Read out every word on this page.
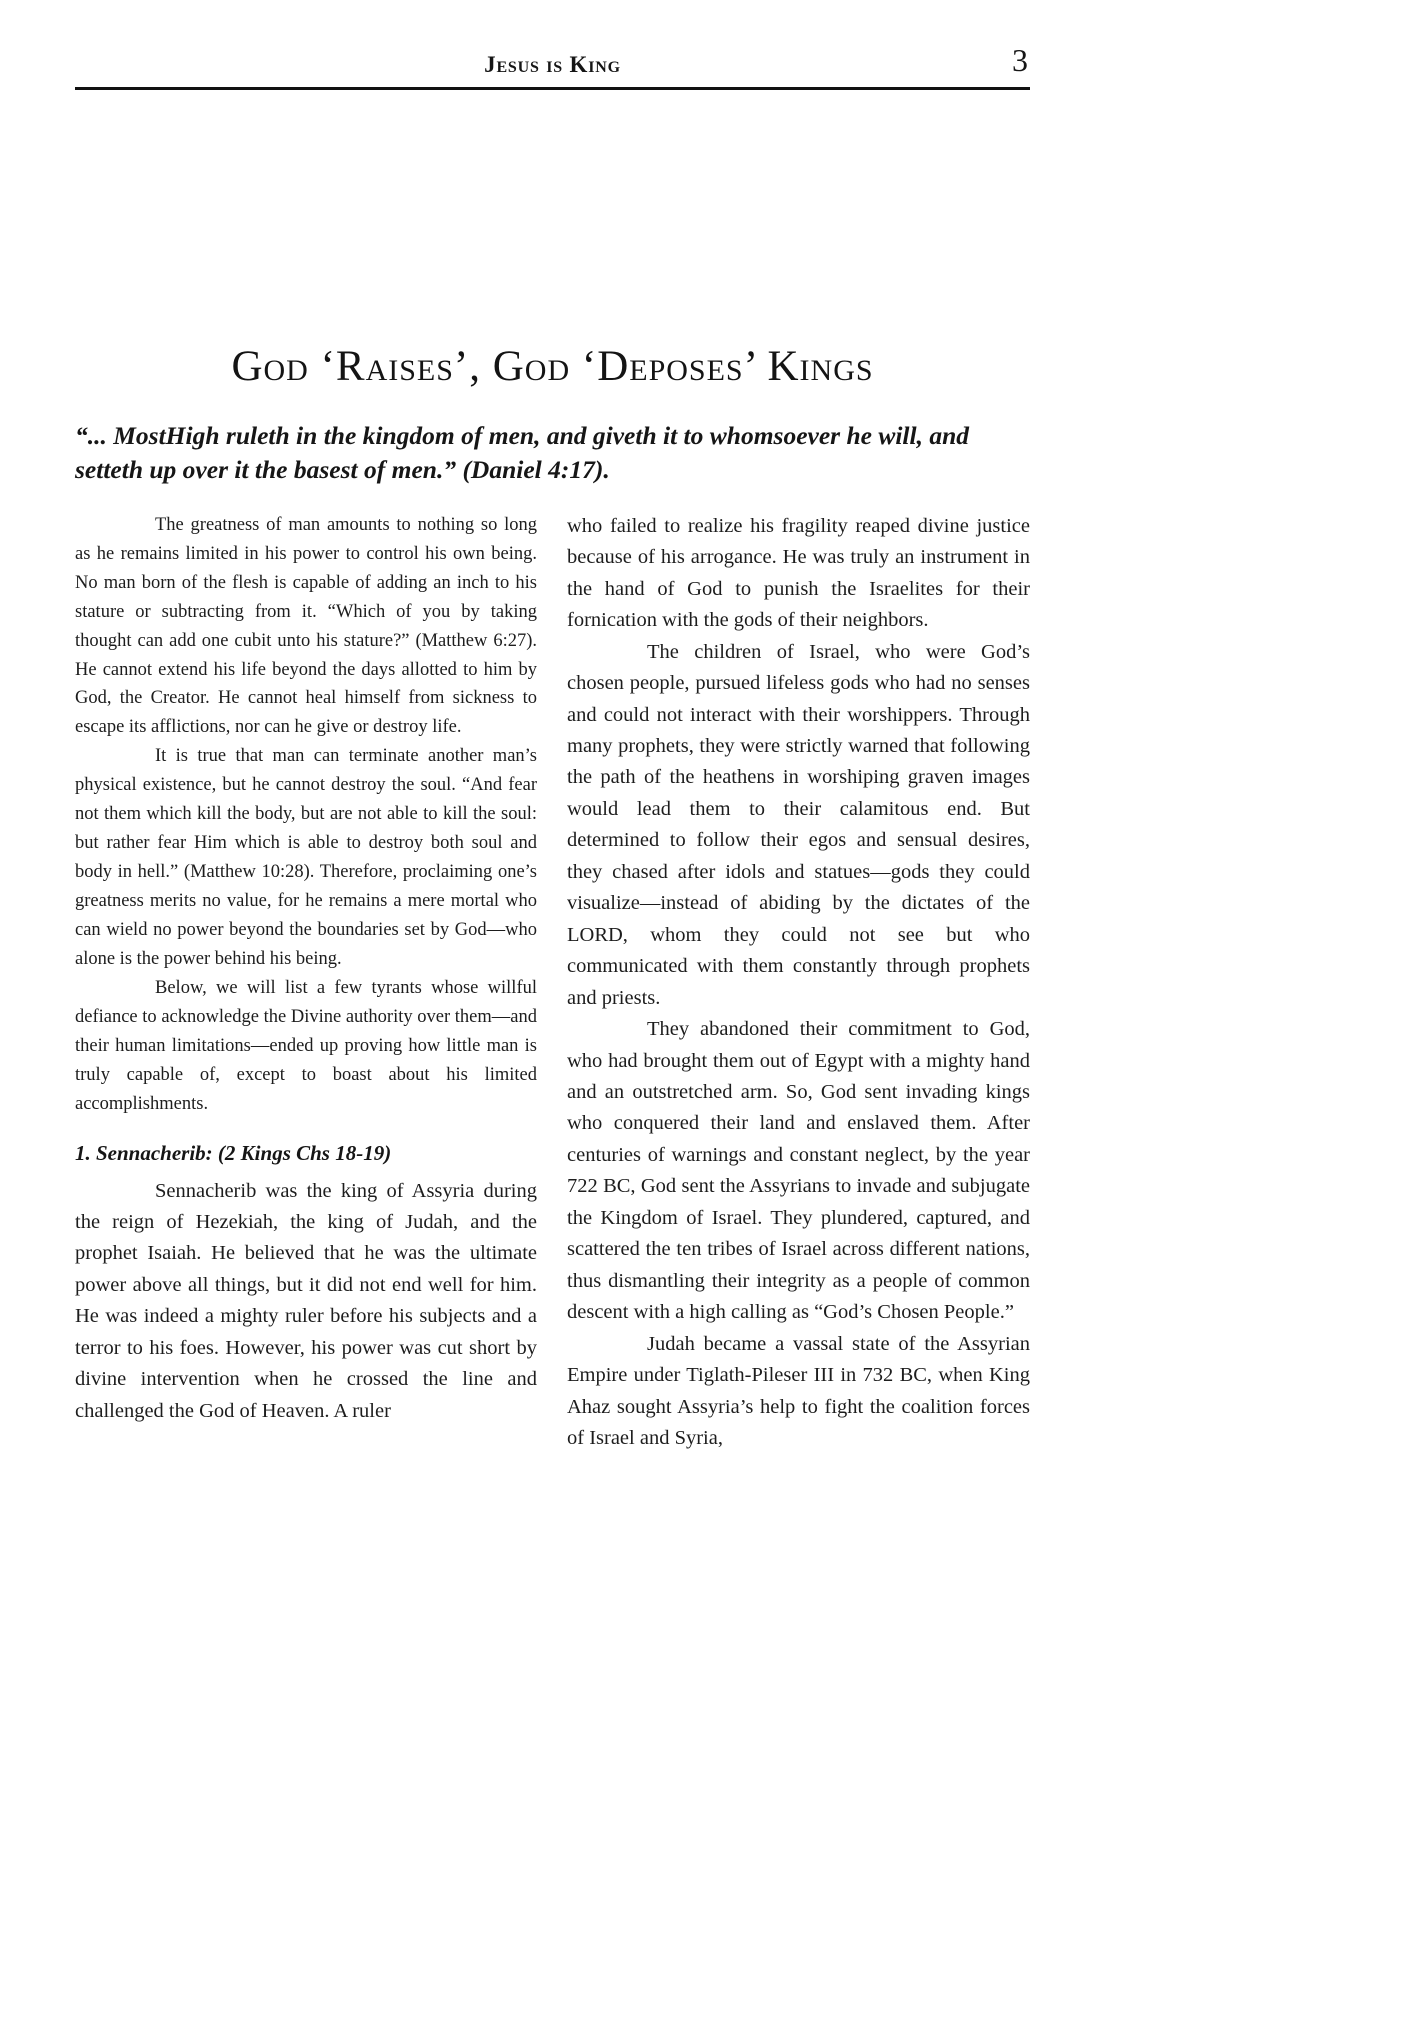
Jesus is King	3
God ‘Raises’, God ‘Deposes’ Kings

“... MostHigh ruleth in the kingdom of men, and giveth it to whomsoever he will, and setteth up over it the basest of men.” (Daniel 4:17).

The greatness of man amounts to nothing so long as he remains limited in his power to control his own being. No man born of the flesh is capable of adding an inch to his stature or subtracting from it. “Which of you by taking thought can add one cubit unto his stature?” (Matthew 6:27). He cannot extend his life beyond the days allotted to him by God, the Creator. He cannot heal himself from sickness to escape its afflictions, nor can he give or destroy life.

It is true that man can terminate another man’s physical existence, but he cannot destroy the soul. “And fear not them which kill the body, but are not able to kill the soul: but rather fear Him which is able to destroy both soul and body in hell.” (Matthew 10:28). Therefore, proclaiming one’s greatness merits no value, for he remains a mere mortal who can wield no power beyond the boundaries set by God—who alone is the power behind his being.

Below, we will list a few tyrants whose willful defiance to acknowledge the Divine authority over them—and their human limitations—ended up proving how little man is truly capable of, except to boast about his limited accomplishments.

1. Sennacherib: (2 Kings Chs 18-19)

Sennacherib was the king of Assyria during the reign of Hezekiah, the king of Judah, and the prophet Isaiah. He believed that he was the ultimate power above all things, but it did not end well for him. He was indeed a mighty ruler before his subjects and a terror to his foes. However, his power was cut short by divine intervention when he crossed the line and challenged the God of Heaven. A ruler

who failed to realize his fragility reaped divine justice because of his arrogance. He was truly an instrument in the hand of God to punish the Israelites for their fornication with the gods of their neighbors.

The children of Israel, who were God’s chosen people, pursued lifeless gods who had no senses and could not interact with their worshippers. Through many prophets, they were strictly warned that following the path of the heathens in worshiping graven images would lead them to their calamitous end. But determined to follow their egos and sensual desires, they chased after idols and statues—gods they could visualize—instead of abiding by the dictates of the LORD, whom they could not see but who communicated with them constantly through prophets and priests.

They abandoned their commitment to God, who had brought them out of Egypt with a mighty hand and an outstretched arm. So, God sent invading kings who conquered their land and enslaved them. After centuries of warnings and constant neglect, by the year 722 BC, God sent the Assyrians to invade and subjugate the Kingdom of Israel. They plundered, captured, and scattered the ten tribes of Israel across different nations, thus dismantling their integrity as a people of common descent with a high calling as “God’s Chosen People.”

Judah became a vassal state of the Assyrian Empire under Tiglath-Pileser III in 732 BC, when King Ahaz sought Assyria’s help to fight the coalition forces of Israel and Syria,
